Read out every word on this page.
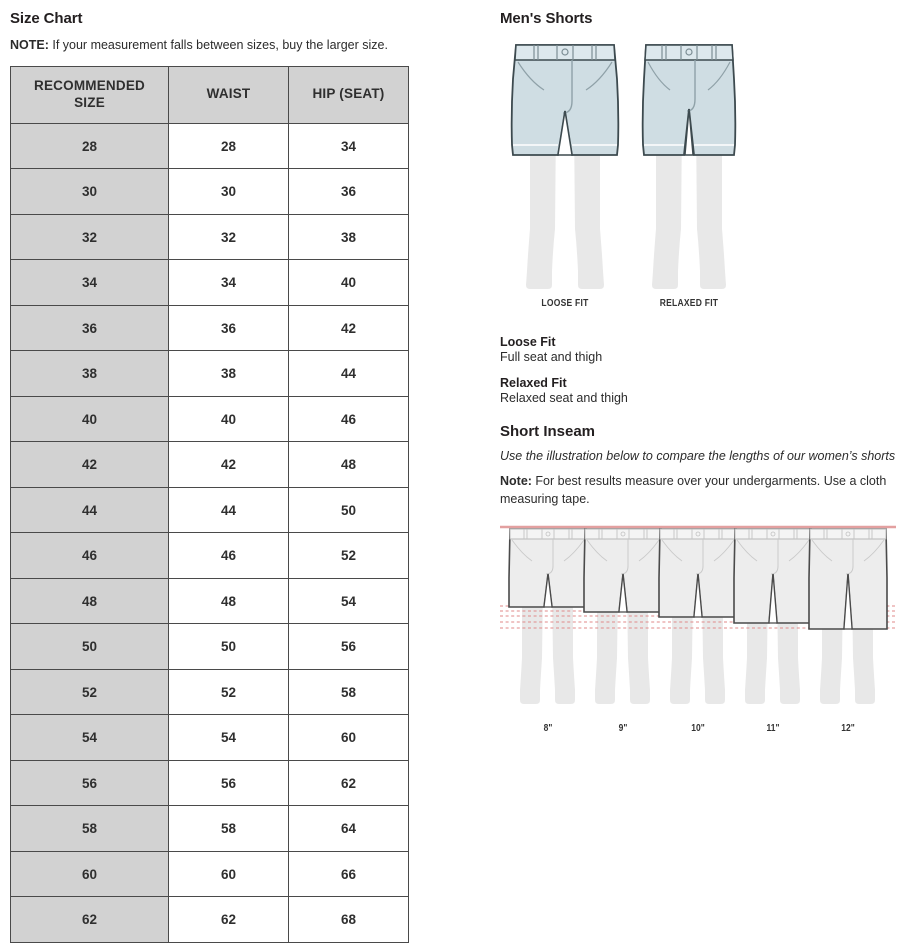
Size Chart
NOTE: If your measurement falls between sizes, buy the larger size.
RECOMMENDED
SIZE	WAIST	HIP (SEAT)
28	28	34
30	30	36
32	32	38
34	34	40
36	36	42
38	38	44
40	40	46
42	42	48
44	44	50
46	46	52
48	48	54
50	50	56
52	52	58
54	54	60
56	56	62
58	58	64
60	60	66
62	62	68
Men's Shorts
LOOSE FIT	RELAXED FIT
Loose Fit
Full seat and thigh
Relaxed Fit
Relaxed seat and thigh
Short Inseam
Use the illustration below to compare the lengths of our women’s shorts
Note: For best results measure over your undergarments. Use a cloth measuring tape.
8"	9"	10"	11"	12"
